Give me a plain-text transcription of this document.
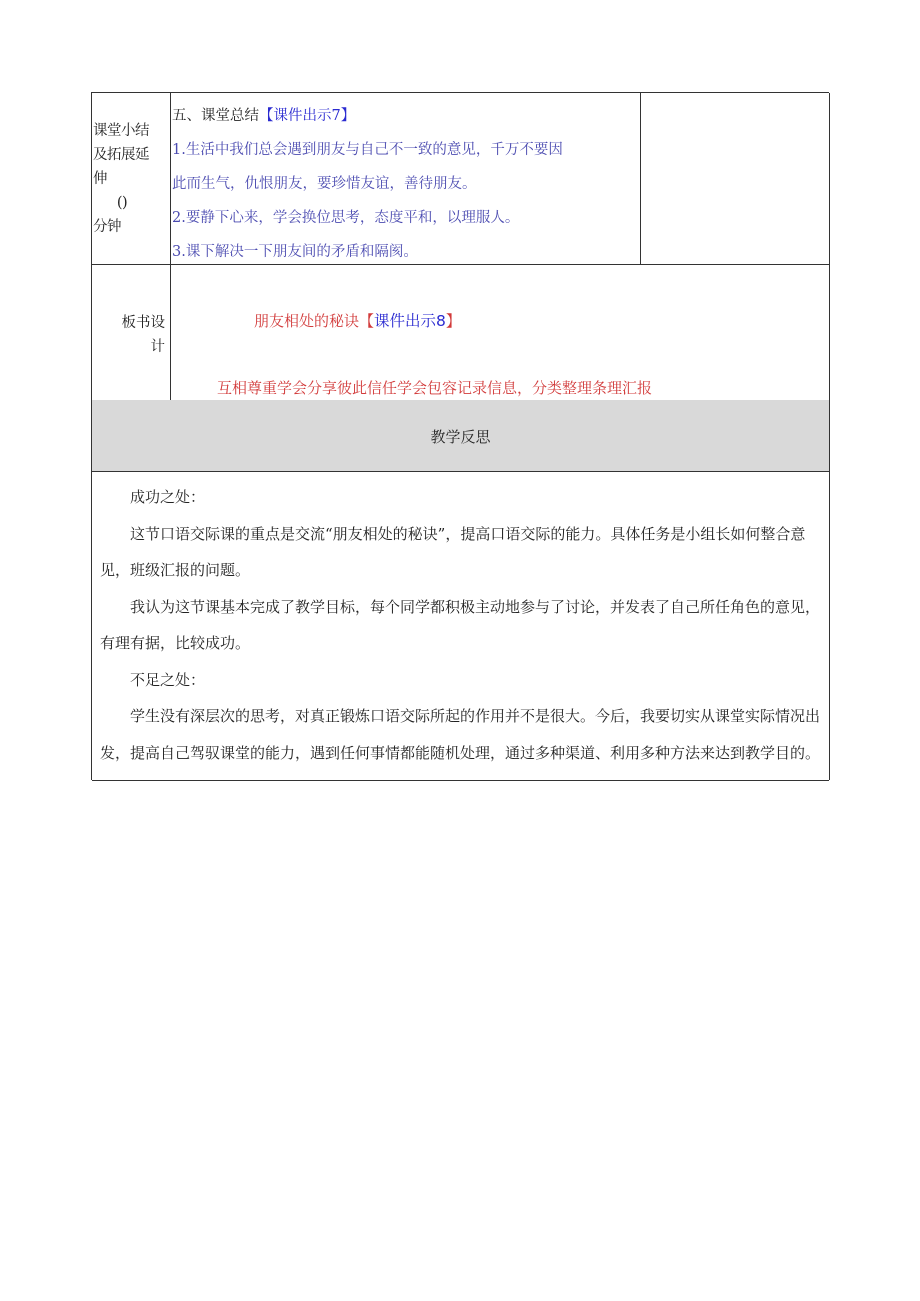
课堂小结
及拓展延
伸
()
分钟
五、课堂总结【课件出示7】
1.生活中我们总会遇到朋友与自己不一致的意见，千万不要因
此而生气，仇恨朋友，要珍惜友谊，善待朋友。
2.要静下心来，学会换位思考，态度平和，以理服人。
3.课下解决一下朋友间的矛盾和隔阂。
板书设
计
朋友相处的秘诀【课件出示8】
互相尊重学会分享彼此信任学会包容记录信息，分类整理条理汇报
教学反思

成功之处：

这节口语交际课的重点是交流“朋友相处的秘诀”，提高口语交际的能力。具体任务是小组长如何整合意见，班级汇报的问题。

我认为这节课基本完成了教学目标，每个同学都积极主动地参与了讨论，并发表了自己所任角色的意见，有理有据，比较成功。

不足之处：

学生没有深层次的思考，对真正锻炼口语交际所起的作用并不是很大。今后，我要切实从课堂实际情况出发，提高自己驾驭课堂的能力，遇到任何事情都能随机处理，通过多种渠道、利用多种方法来达到教学目的。
